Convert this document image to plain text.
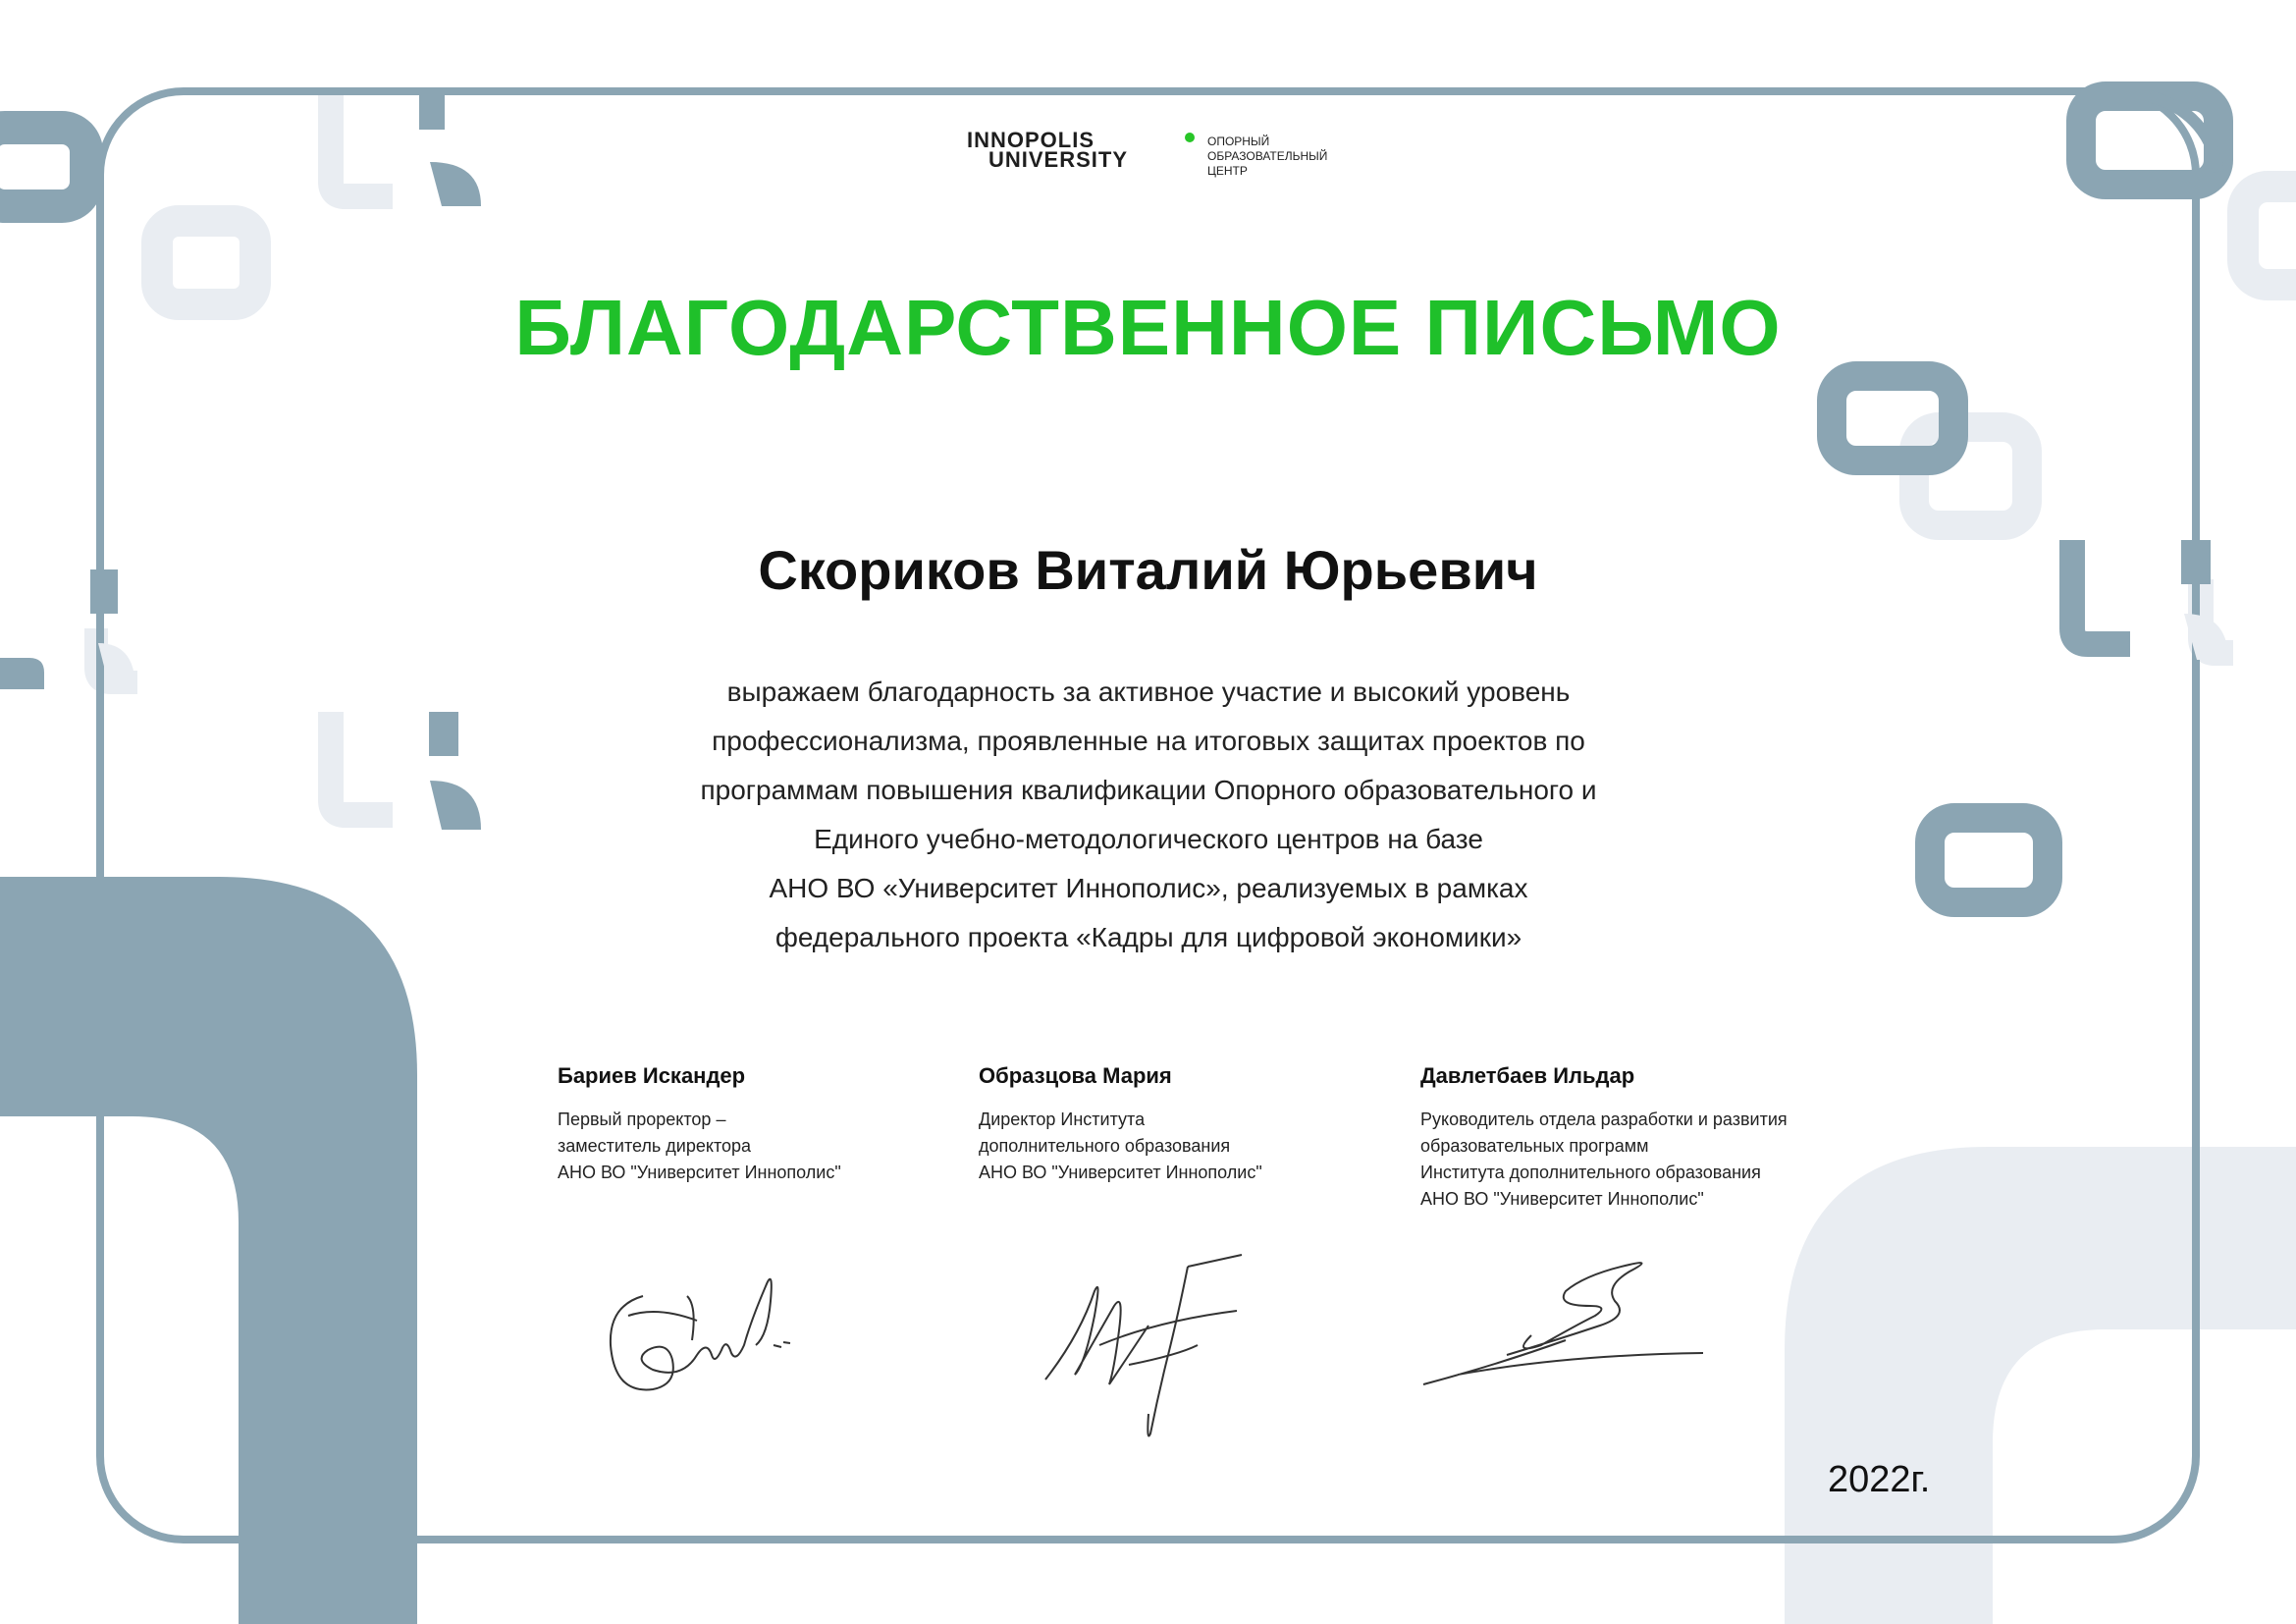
INNOPOLIS
UNIVERSITY
ОПОРНЫЙ
ОБРАЗОВАТЕЛЬНЫЙ
ЦЕНТР
БЛАГОДАРСТВЕННОЕ ПИСЬМО
Скориков Виталий Юрьевич
выражаем благодарность за активное участие и высокий уровень
профессионализма, проявленные на итоговых защитах проектов по
программам повышения квалификации Опорного образовательного и
Единого учебно-методологического центров на базе
АНО ВО «Университет Иннополис», реализуемых в рамках
федерального проекта «Кадры для цифровой экономики»
Бариев Искандер
Первый проректор –
заместитель директора
АНО ВО "Университет Иннополис"
Образцова Мария
Директор Института
дополнительного образования
АНО ВО "Университет Иннополис"
Давлетбаев Ильдар
Руководитель отдела разработки и развития
образовательных программ
Института дополнительного образования
АНО ВО "Университет Иннополис"
2022г.
